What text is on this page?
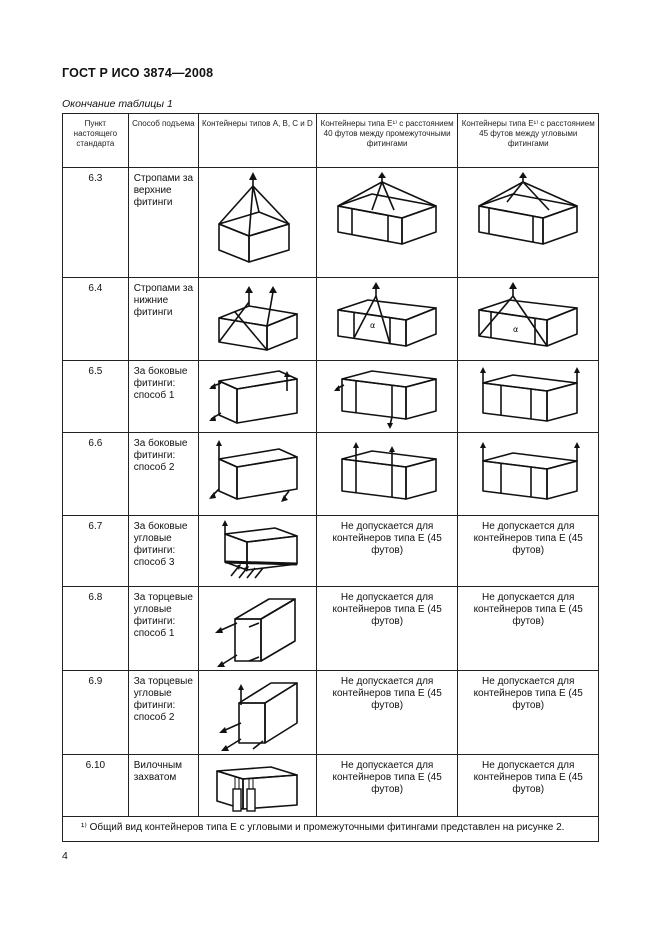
ГОСТ Р ИСО 3874—2008
Окончание таблицы 1
Пункт настоящего стандарта	Способ подъема	Контейнеры типов А, В, С и D	Контейнеры типа E¹⁾ с расстоянием 40 футов между промежуточными фитингами	Контейнеры типа E¹⁾ с расстоянием 45 футов между угловыми фитингами
6.3	Стропами за верхние фитинги	

6.4	Стропами за нижние фитинги		α	α

6.5	За боковые фитинги: способ 1	

6.6	За боковые фитинги: способ 2	

6.7	За боковые угловые фитинги: способ 3		Не допускается для контейнеров типа E (45 футов)	Не допускается для контейнеров типа E (45 футов)
6.8	За торцевые угловые фитинги: способ 1		Не допускается для контейнеров типа E (45 футов)	Не допускается для контейнеров типа E (45 футов)
6.9	За торцевые угловые фитинги: способ 2		Не допускается для контейнеров типа E (45 футов)	Не допускается для контейнеров типа E (45 футов)
6.10	Вилочным захватом		Не допускается для контейнеров типа E (45 футов)	Не допускается для контейнеров типа E (45 футов)
¹⁾ Общий вид контейнеров типа E с угловыми и промежуточными фитингами представлен на рисунке 2.				
4
